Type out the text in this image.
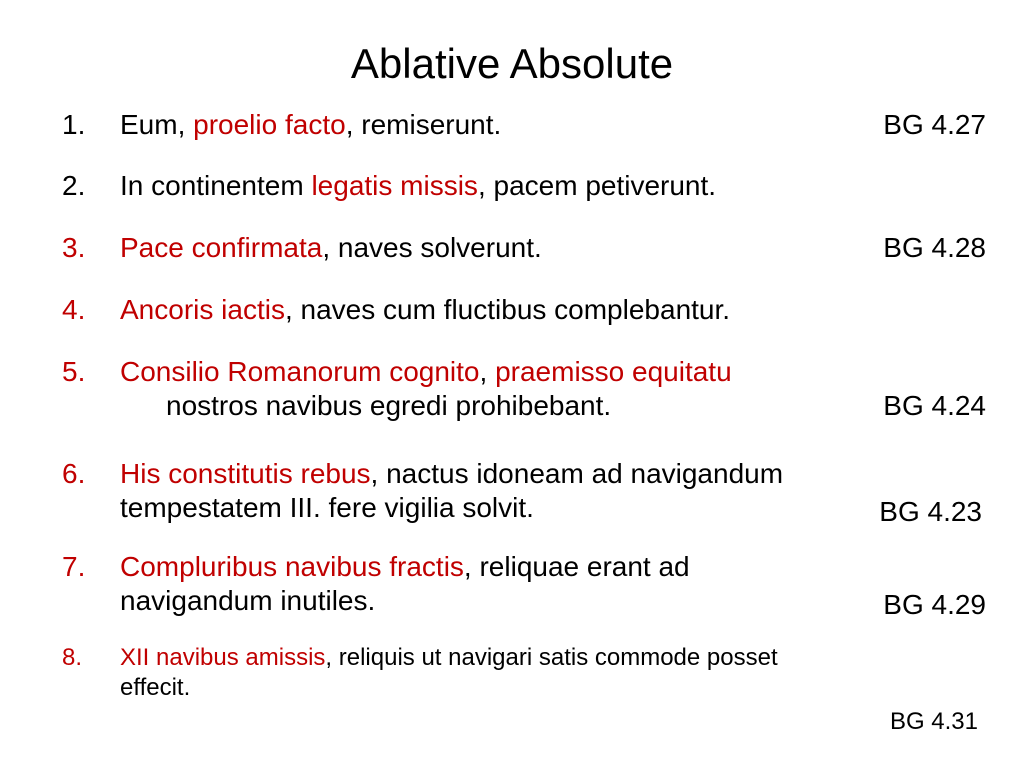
Ablative Absolute
1. Eum, proelio facto, remiserunt.	BG 4.27
2. In continentem legatis missis, pacem petiverunt.
3. Pace confirmata, naves solverunt.	BG 4.28
4. Ancoris iactis, naves cum fluctibus complebantur.
5. Consilio Romanorum cognito, praemisso equitatu
nostros navibus egredi prohibebant.	BG 4.24
6. His constitutis rebus, nactus idoneam ad navigandum
tempestatem III. fere vigilia solvit.	BG 4.23
7. Compluribus navibus fractis, reliquae erant ad
navigandum inutiles.	BG 4.29
8. XII navibus amissis, reliquis ut navigari satis commode posset
effecit.
BG 4.31
